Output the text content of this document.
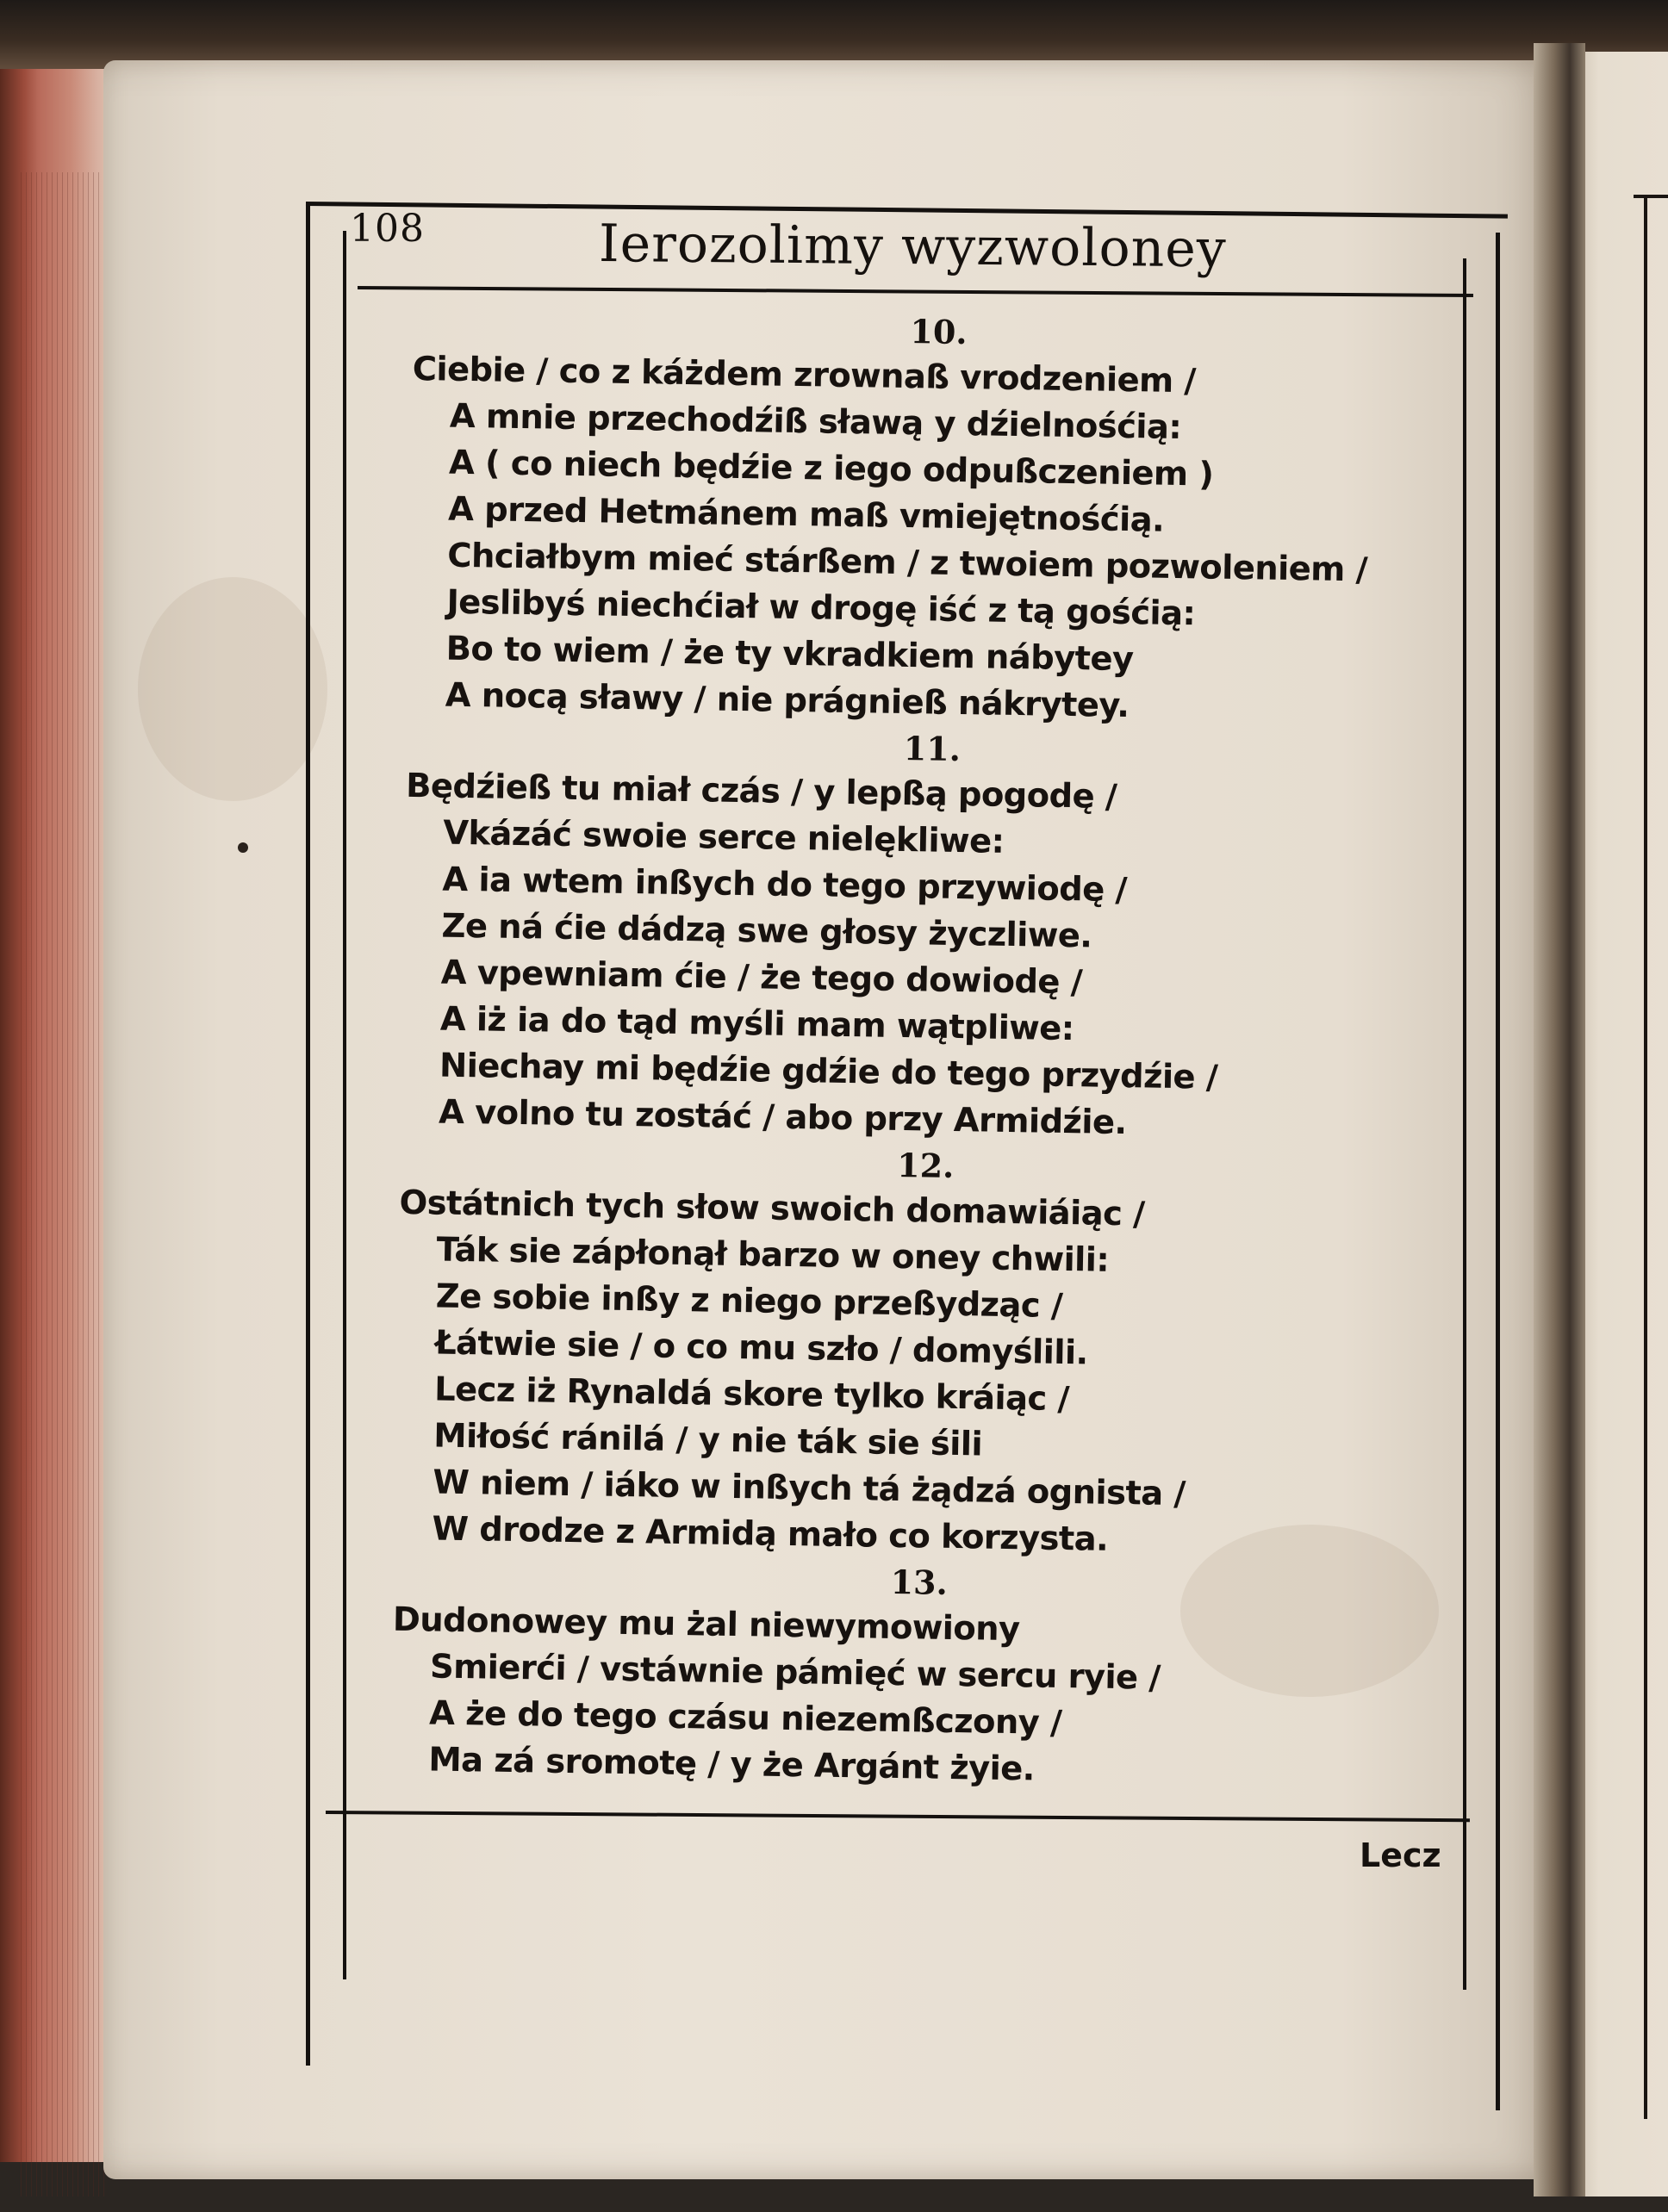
108	Ierozolimy wyzwoloney
10.
Ciebie / co z káżdem zrownaß vrodzeniem /
A mnie przechodźiß sławą y dźielnośćią:
A ( co niech będźie z iego odpußczeniem )
A przed Hetmánem maß vmiejętnośćią.
Chciałbym mieć stárßem / z twoiem pozwoleniem /
Jeslibyś niechćiał w drogę iść z tą gośćią:
Bo to wiem / że ty vkradkiem nábytey
A nocą sławy / nie prágnieß nákrytey.
11.
Będźieß tu miał czás / y lepßą pogodę /
Vkázáć swoie serce nielękliwe:
A ia wtem inßych do tego przywiodę /
Ze ná ćie dádzą swe głosy życzliwe.
A vpewniam ćie / że tego dowiodę /
A iż ia do tąd myśli mam wątpliwe:
Niechay mi będźie gdźie do tego przydźie /
A volno tu zostáć / abo przy Armidźie.
12.
Ostátnich tych słow swoich domawiáiąc /
Ták sie zápłonął barzo w oney chwili:
Ze sobie inßy z niego przeßydząc /
Łátwie sie / o co mu szło / domyślili.
Lecz iż Rynaldá skore tylko kráiąc /
Miłość ránilá / y nie ták sie śili
W niem / iáko w inßych tá żądzá ognista /
W drodze z Armidą mało co korzysta.
13.
Dudonowey mu żal niewymowiony
Smierći / vstáwnie pámięć w sercu ryie /
A że do tego czásu niezemßczony /
Ma zá sromotę / y że Argánt żyie.
Lecz
